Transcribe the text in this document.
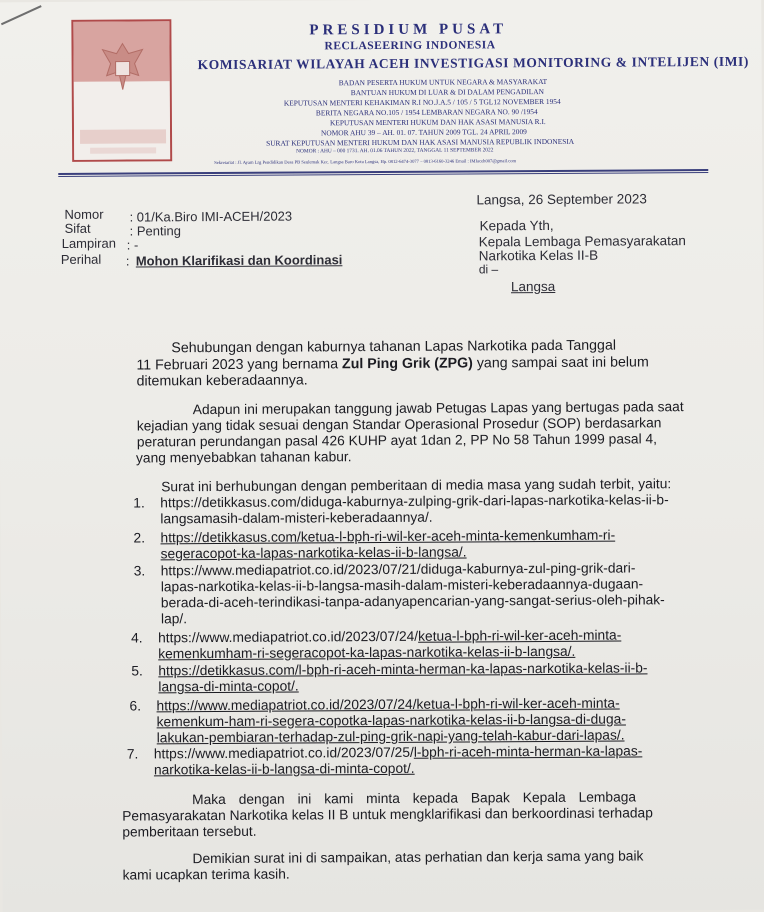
PRESIDIUM PUSAT
RECLASEERING INDONESIA
KOMISARIAT WILAYAH ACEH INVESTIGASI MONITORING & INTELIJEN (IMI)
BADAN PESERTA HUKUM UNTUK NEGARA & MASYARAKAT
BANTUAN HUKUM DI LUAR & DI DALAM PENGADILAN
KEPUTUSAN MENTERI KEHAKIMAN R.I NO.J.A.5 / 105 / 5 TGL12 NOVEMBER 1954
BERITA NEGARA NO.105 / 1954 LEMBARAN NEGARA NO. 90 /1954
KEPUTUSAN MENTERI HUKUM DAN HAK ASASI MANUSIA R.I.
NOMOR AHU 39 – AH. 01. 07. TAHUN 2009 TGL. 24 APRIL 2009
SURAT KEPUTUSAN MENTERI HUKUM DAN HAK ASASI MANUSIA REPUBLIK INDONESIA
NOMOR : AHU – 000 1731. AH. 01.06 TAHUN 2022, TANGGAL 11 SEPTEMBER 2022
Sekretariat : Jl. Ayam Lrg Pendidikan Desa PB Seulemak Kec. Langsa Baro Kota Langsa, Hp. 0812-6474-3077 – 0813-6160-3246 Email : IMIaceh007@gmail.com
Langsa, 26 September 2023
Nomor : 01/Ka.Biro IMI-ACEH/2023
Sifat	: Penting
Lampiran : -
Perihal : Mohon Klarifikasi dan Koordinasi
Kepada Yth,
Kepala Lembaga Pemasyarakatan
Narkotika Kelas II-B
di –
Langsa
Sehubungan dengan kaburnya tahanan Lapas Narkotika pada Tanggal
11 Februari 2023 yang bernama Zul Ping Grik (ZPG) yang sampai saat ini belum
ditemukan keberadaannya.
Adapun ini merupakan tanggung jawab Petugas Lapas yang bertugas pada saat
kejadian yang tidak sesuai dengan Standar Operasional Prosedur (SOP) berdasarkan
peraturan perundangan pasal 426 KUHP ayat 1dan 2, PP No 58 Tahun 1999 pasal 4,
yang menyebabkan tahanan kabur.
Surat ini berhubungan dengan pemberitaan di media masa yang sudah terbit, yaitu:
1. https://detikkasus.com/diduga-kaburnya-zulping-grik-dari-lapas-narkotika-kelas-ii-b-
langsamasih-dalam-misteri-keberadaannya/.
2. https://detikkasus.com/ketua-l-bph-ri-wil-ker-aceh-minta-kemenkumham-ri-
segeracopot-ka-lapas-narkotika-kelas-ii-b-langsa/.
3. https://www.mediapatriot.co.id/2023/07/21/diduga-kaburnya-zul-ping-grik-dari-
lapas-narkotika-kelas-ii-b-langsa-masih-dalam-misteri-keberadaannya-dugaan-
berada-di-aceh-terindikasi-tanpa-adanyapencarian-yang-sangat-serius-oleh-pihak-
lap/.
4. https://www.mediapatriot.co.id/2023/07/24/ketua-l-bph-ri-wil-ker-aceh-minta-
kemenkumham-ri-segeracopot-ka-lapas-narkotika-kelas-ii-b-langsa/.
5. https://detikkasus.com/l-bph-ri-aceh-minta-herman-ka-lapas-narkotika-kelas-ii-b-
langsa-di-minta-copot/.
6. https://www.mediapatriot.co.id/2023/07/24/ketua-l-bph-ri-wil-ker-aceh-minta-
kemenkum-ham-ri-segera-copotka-lapas-narkotika-kelas-ii-b-langsa-di-duga-
lakukan-pembiaran-terhadap-zul-ping-grik-napi-yang-telah-kabur-dari-lapas/.
7. https://www.mediapatriot.co.id/2023/07/25/l-bph-ri-aceh-minta-herman-ka-lapas-
narkotika-kelas-ii-b-langsa-di-minta-copot/.
Maka dengan ini kami minta kepada Bapak Kepala Lembaga
Pemasyarakatan Narkotika kelas II B untuk mengklarifikasi dan berkoordinasi terhadap
pemberitaan tersebut.
Demikian surat ini di sampaikan, atas perhatian dan kerja sama yang baik
kami ucapkan terima kasih.
